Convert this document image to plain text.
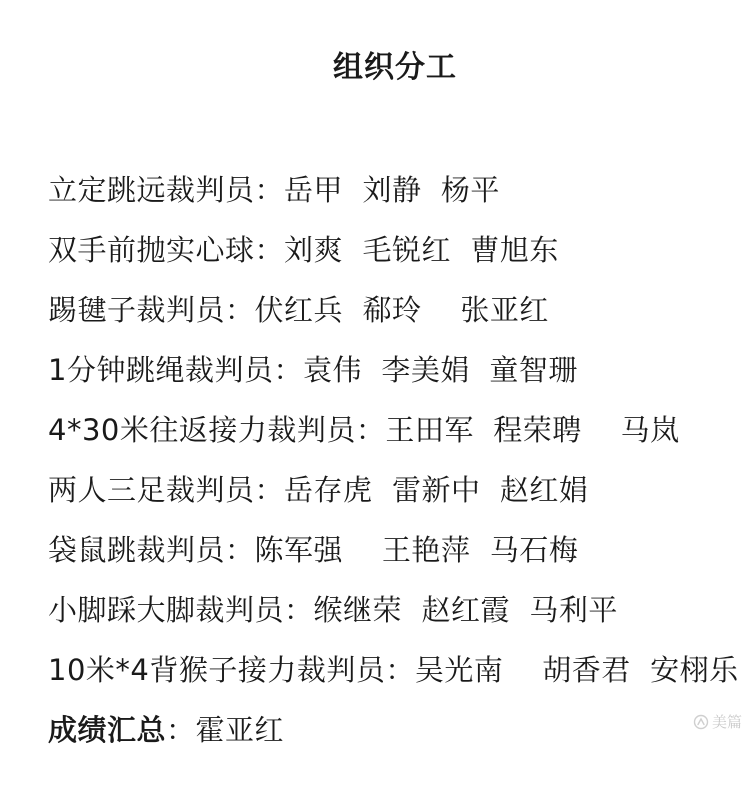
组织分工
立定跳远裁判员：岳甲  刘静  杨平
双手前抛实心球：刘爽  毛锐红  曹旭东
踢毽子裁判员：伏红兵  郗玲    张亚红
1分钟跳绳裁判员：袁伟  李美娟  童智珊
4*30米往返接力裁判员：王田军  程荣聘    马岚
两人三足裁判员：岳存虎  雷新中  赵红娟
袋鼠跳裁判员：陈军强    王艳萍  马石梅
小脚踩大脚裁判员：缑继荣  赵红霞  马利平
10米*4背猴子接力裁判员：吴光南    胡香君  安栩乐
成绩汇总：霍亚红	美篇
